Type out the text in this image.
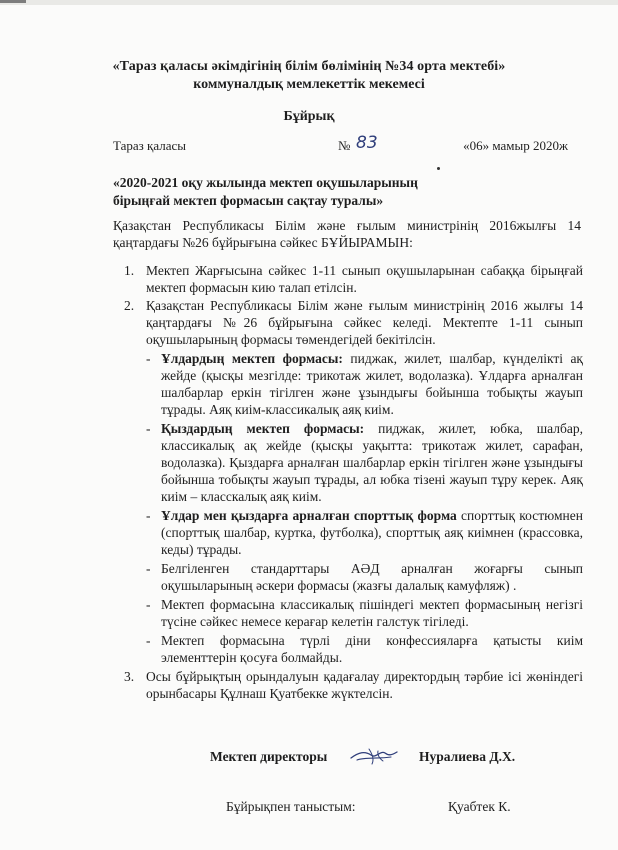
«Тараз қаласы әкімдігінің білім бөлімінің №34 орта мектебі»
коммуналдық мемлекеттік мекемесі
Бұйрық
Тараз қаласы	№ 83	«06» мамыр 2020ж
«2020-2021 оқу жылында мектеп оқушыларының
бірыңғай мектеп формасын сақтау туралы»
Қазақстан Республикасы Білім және ғылым министрінің 2016жылғы 14
қаңтардағы №26 бұйрығына сәйкес БҰЙЫРАМЫН:
1. Мектеп Жарғысына сәйкес 1-11 сынып оқушыларынан сабаққа бірыңғай мектеп формасын кию талап етілсін.
2. Қазақстан Республикасы Білім және ғылым министрінің 2016 жылғы 14 қаңтардағы №26 бұйрығына сәйкес келеді. Мектепте 1-11 сынып оқушыларының формасы төмендегідей бекітілсін.
- Ұлдардың мектеп формасы: пиджак, жилет, шалбар, күнделікті ақ жейде (қысқы мезгілде: трикотаж жилет, водолазка). Ұлдарға арналған шалбарлар еркін тігілген және ұзындығы бойынша тобықты жауып тұрады. Аяқ киім-классикалық аяқ киім.
- Қыздардың мектеп формасы: пиджак, жилет, юбка, шалбар, классикалық ақ жейде (қысқы уақытта: трикотаж жилет, сарафан, водолазка). Қыздарға арналған шалбарлар еркін тігілген және ұзындығы бойынша тобықты жауып тұрады, ал юбка тізені жауып тұру керек. Аяқ киім – класскалық аяқ киім.
- Ұлдар мен қыздарға арналған спорттық форма спорттық костюмнен (спорттық шалбар, куртка, футболка), спорттық аяқ киімнен (крассовка, кеды) тұрады.
- Белгіленген стандарттары АӘД арналған жоғарғы сынып оқушыларының әскери формасы (жазғы далалық камуфляж) .
- Мектеп формасына классикалық пішіндегі мектеп формасының негізгі түсіне сәйкес немесе керағар келетін галстук тігіледі.
- Мектеп формасына түрлі діни конфессияларға қатысты киім элементтерін қосуға болмайды.
3. Осы бұйрықтың орындалуын қадағалау директордың тәрбие ісі жөніндегі орынбасары Құлнаш Қуатбекке жүктелсін.
Мектеп директоры	Нуралиева Д.Х.
Бұйрықпен таныстым:	Қуабтек К.
